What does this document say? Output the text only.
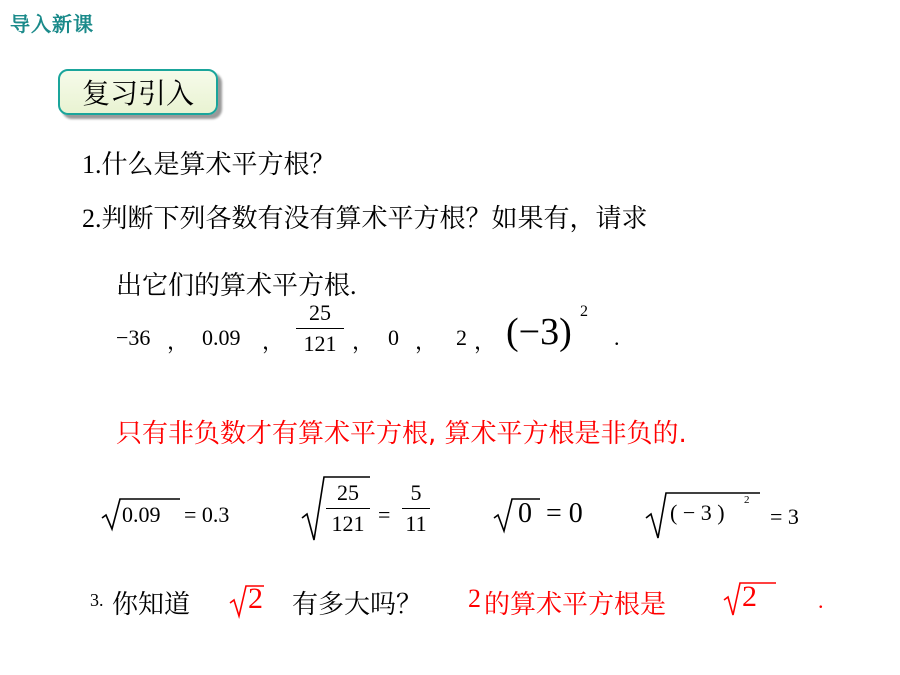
导入新课
复习引入
1.什么是算术平方根？
2.判断下列各数有没有算术平方根？如果有，请求
出它们的算术平方根.
−36 ， 0.09 ，
25
121 ， 0 ， 2 ， (−3) 2
.
只有非负数才有算术平方根, 算术平方根是非负的.
0.09 = 0.3
25
121 =
5
11	0 = 0	( − 3 ) 2
= 3
3. 你知道 2 有多大吗？ 2 的算术平方根是	2	.
